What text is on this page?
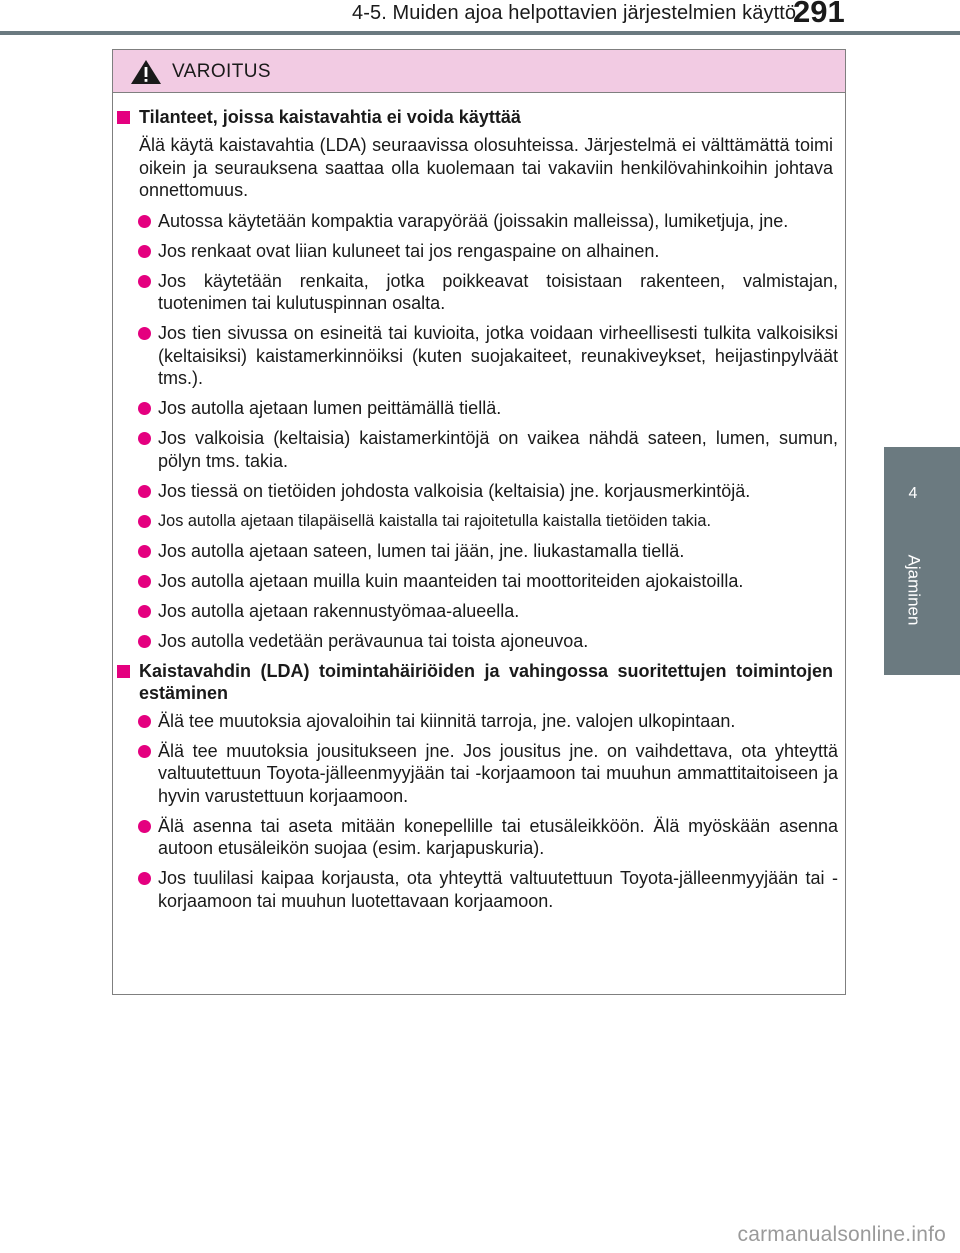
4-5. Muiden ajoa helpottavien järjestelmien käyttö
291
4
Ajaminen
VAROITUS
Tilanteet, joissa kaistavahtia ei voida käyttää
Älä käytä kaistavahtia (LDA) seuraavissa olosuhteissa. Järjestelmä ei välttämättä toimi oikein ja seurauksena saattaa olla kuolemaan tai vakaviin henkilövahinkoihin johtava onnettomuus.
Autossa käytetään kompaktia varapyörää (joissakin malleissa), lumiketjuja, jne.
Jos renkaat ovat liian kuluneet tai jos rengaspaine on alhainen.
Jos käytetään renkaita, jotka poikkeavat toisistaan rakenteen, valmistajan, tuotenimen tai kulutuspinnan osalta.
Jos tien sivussa on esineitä tai kuvioita, jotka voidaan virheellisesti tulkita valkoisiksi (keltaisiksi) kaistamerkinnöiksi (kuten suojakaiteet, reunakiveykset, heijastinpylväät tms.).
Jos autolla ajetaan lumen peittämällä tiellä.
Jos valkoisia (keltaisia) kaistamerkintöjä on vaikea nähdä sateen, lumen, sumun, pölyn tms. takia.
Jos tiessä on tietöiden johdosta valkoisia (keltaisia) jne. korjausmerkintöjä.
Jos autolla ajetaan tilapäisellä kaistalla tai rajoitetulla kaistalla tietöiden takia.
Jos autolla ajetaan sateen, lumen tai jään, jne. liukastamalla tiellä.
Jos autolla ajetaan muilla kuin maanteiden tai moottoriteiden ajokaistoilla.
Jos autolla ajetaan rakennustyömaa-alueella.
Jos autolla vedetään perävaunua tai toista ajoneuvoa.
Kaistavahdin (LDA) toimintahäiriöiden ja vahingossa suoritettujen toimintojen estäminen
Älä tee muutoksia ajovaloihin tai kiinnitä tarroja, jne. valojen ulkopintaan.
Älä tee muutoksia jousitukseen jne. Jos jousitus jne. on vaihdettava, ota yhteyttä valtuutettuun Toyota-jälleenmyyjään tai -korjaamoon tai muuhun ammattitaitoiseen ja hyvin varustettuun korjaamoon.
Älä asenna tai aseta mitään konepellille tai etusäleikköön. Älä myöskään asenna autoon etusäleikön suojaa (esim. karjapuskuria).
Jos tuulilasi kaipaa korjausta, ota yhteyttä valtuutettuun Toyota-jälleenmyyjään tai -korjaamoon tai muuhun luotettavaan korjaamoon.
carmanualsonline.info
